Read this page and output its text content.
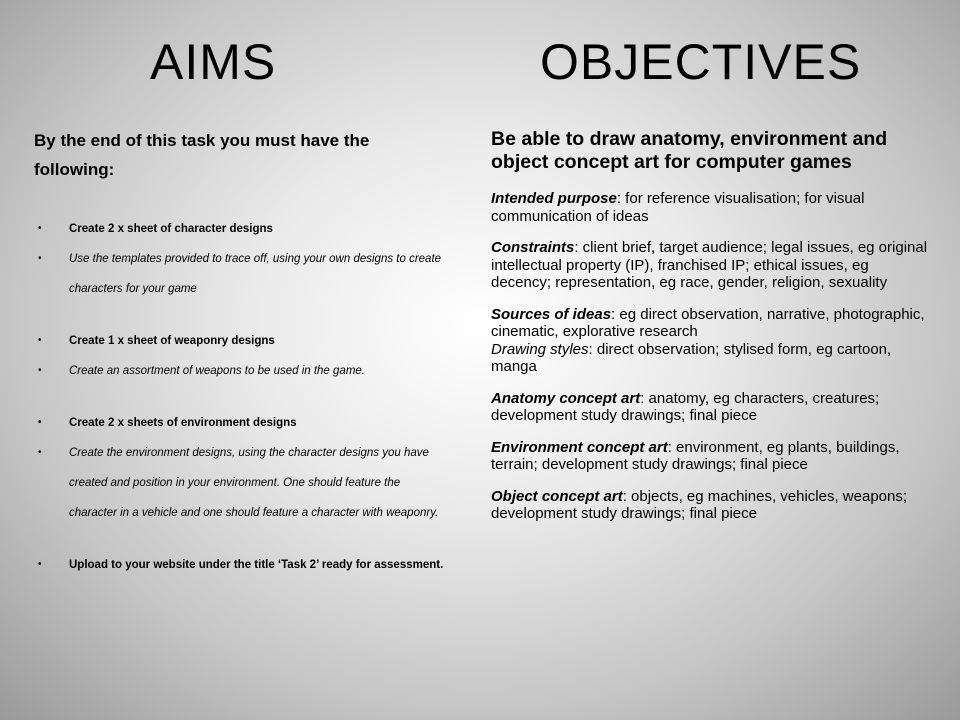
AIMS	OBJECTIVES

By the end of this task you must have the following:

• Create 2 x sheet of character designs
• Use the templates provided to trace off, using your own designs to create characters for your game
• Create 1 x sheet of weaponry designs
• Create an assortment of weapons to be used in the game.
• Create 2 x sheets of environment designs
• Create the environment designs, using the character designs you have created and position in your environment. One should feature the character in a vehicle and one should feature a character with weaponry.
• Upload to your website under the title ‘Task 2’ ready for assessment.

Be able to draw anatomy, environment and object concept art for computer games

Intended purpose: for reference visualisation; for visual communication of ideas

Constraints: client brief, target audience; legal issues, eg original intellectual property (IP), franchised IP; ethical issues, eg decency; representation, eg race, gender, religion, sexuality

Sources of ideas: eg direct observation, narrative, photographic, cinematic, explorative research

Drawing styles: direct observation; stylised form, eg cartoon, manga

Anatomy concept art: anatomy, eg characters, creatures; development study drawings; final piece

Environment concept art: environment, eg plants, buildings, terrain; development study drawings; final piece

Object concept art: objects, eg machines, vehicles, weapons; development study drawings; final piece
